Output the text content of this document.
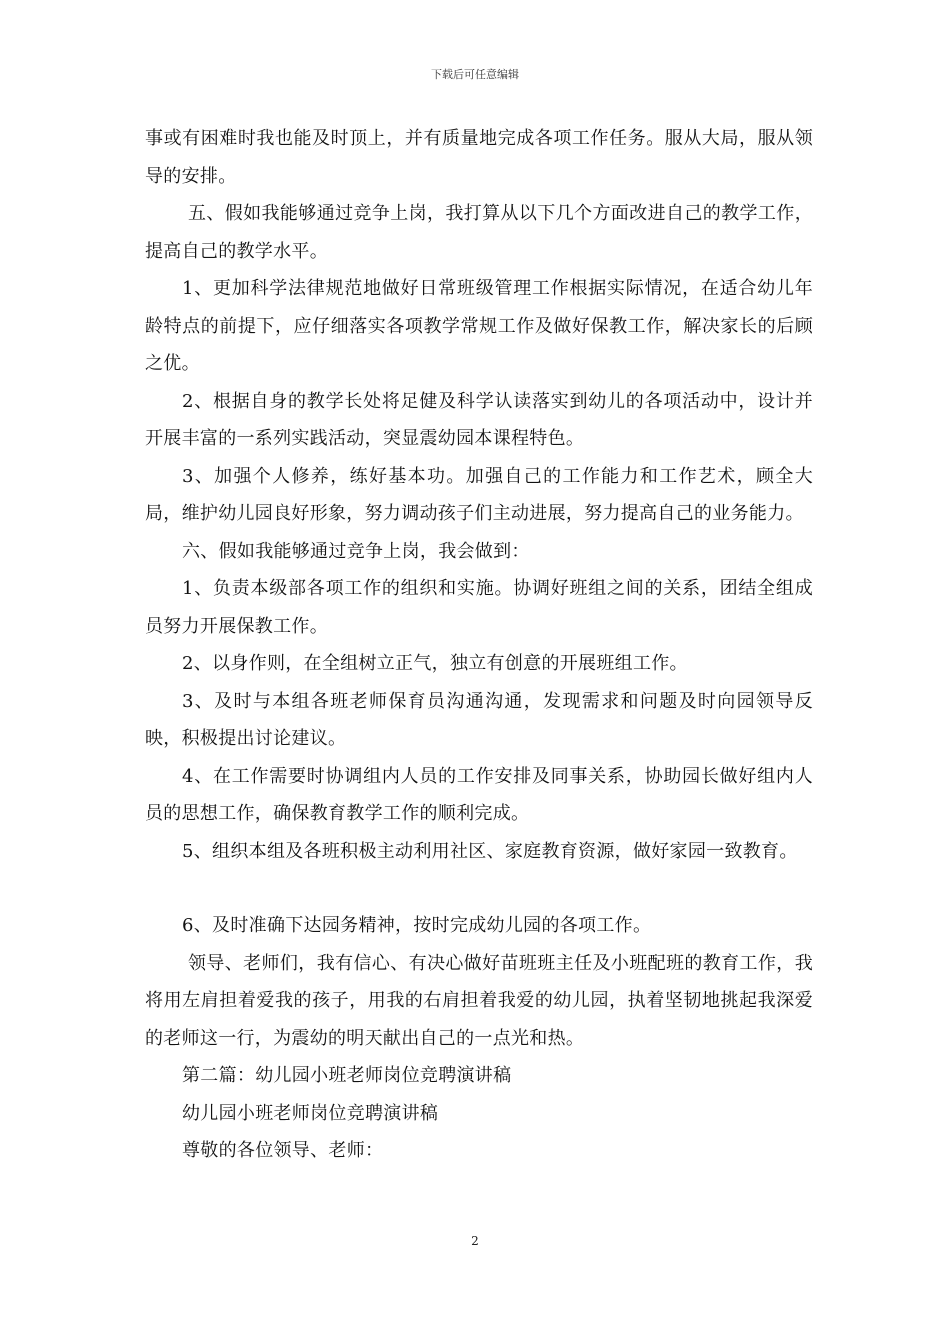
下载后可任意编辑

事或有困难时我也能及时顶上，并有质量地完成各项工作任务。服从大局，服从领导的安排。

五、假如我能够通过竞争上岗，我打算从以下几个方面改进自己的教学工作，提高自己的教学水平。

1、更加科学法律规范地做好日常班级管理工作根据实际情况，在适合幼儿年龄特点的前提下，应仔细落实各项教学常规工作及做好保教工作，解决家长的后顾之优。

2、根据自身的教学长处将足健及科学认读落实到幼儿的各项活动中，设计并开展丰富的一系列实践活动，突显震幼园本课程特色。

3、加强个人修养，练好基本功。加强自己的工作能力和工作艺术，顾全大局，维护幼儿园良好形象，努力调动孩子们主动进展，努力提高自己的业务能力。

六、假如我能够通过竞争上岗，我会做到：

1、负责本级部各项工作的组织和实施。协调好班组之间的关系，团结全组成员努力开展保教工作。

2、以身作则，在全组树立正气，独立有创意的开展班组工作。

3、及时与本组各班老师保育员沟通沟通，发现需求和问题及时向园领导反映，积极提出讨论建议。

4、在工作需要时协调组内人员的工作安排及同事关系，协助园长做好组内人员的思想工作，确保教育教学工作的顺利完成。

5、组织本组及各班积极主动利用社区、家庭教育资源，做好家园一致教育。

6、及时准确下达园务精神，按时完成幼儿园的各项工作。

领导、老师们，我有信心、有决心做好苗班班主任及小班配班的教育工作，我将用左肩担着爱我的孩子，用我的右肩担着我爱的幼儿园，执着坚韧地挑起我深爱的老师这一行，为震幼的明天献出自己的一点光和热。

第二篇：幼儿园小班老师岗位竞聘演讲稿

幼儿园小班老师岗位竞聘演讲稿

尊敬的各位领导、老师：

2
